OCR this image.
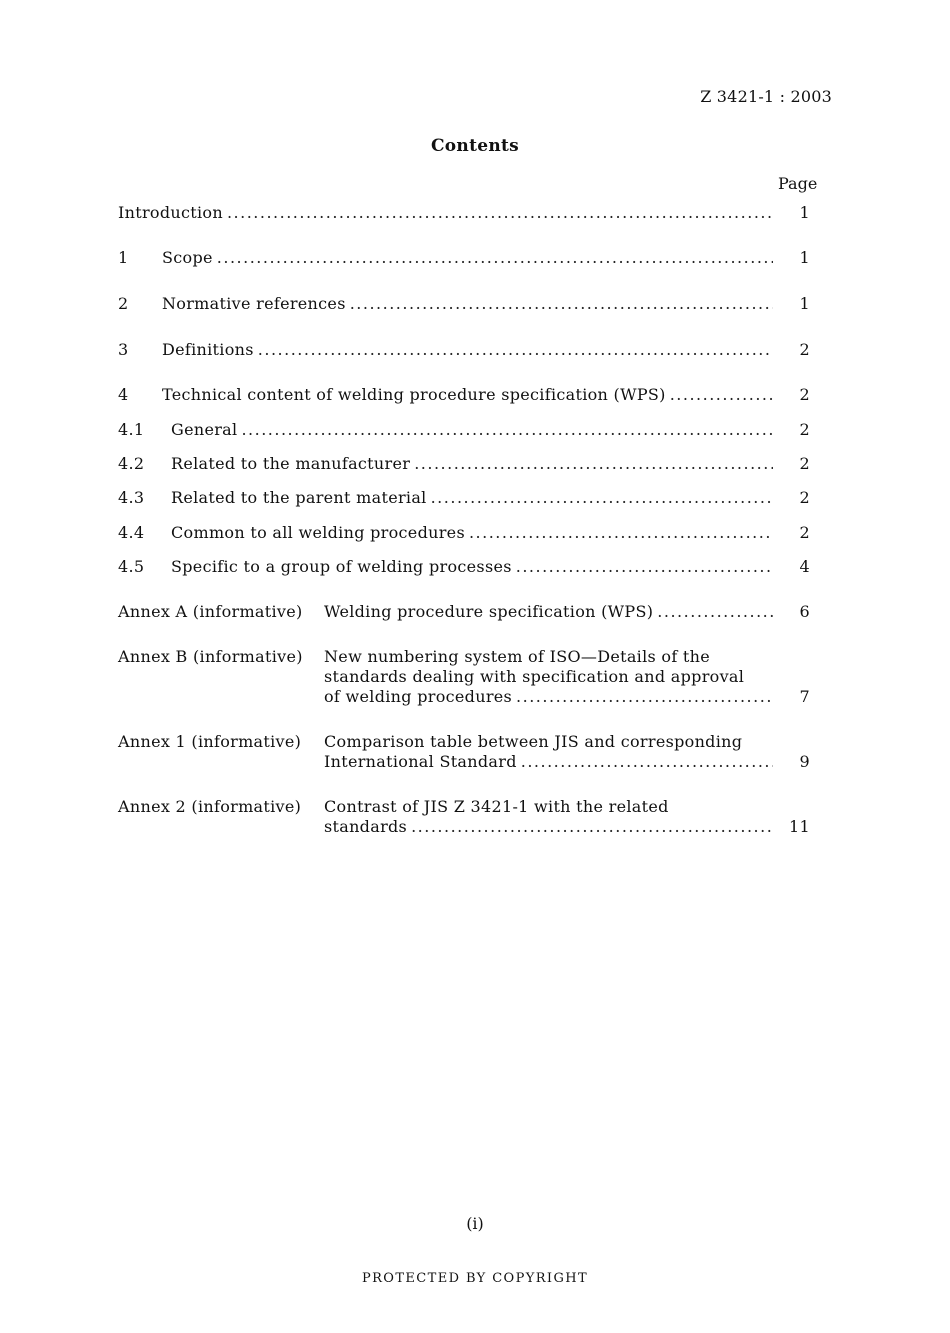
Z 3421-1 : 2003
Contents
Page
Introduction .....	1
1 Scope .....	1
2 Normative references .....	1
3 Definitions .....	2
4 Technical content of welding procedure specification (WPS) .....	2
4.1 General .....	2
4.2 Related to the manufacturer .....	2
4.3 Related to the parent material .....	2
4.4 Common to all welding procedures .....	2
4.5 Specific to a group of welding processes .....	4
Annex A (informative) Welding procedure specification (WPS) .....	6
Annex B (informative) New numbering system of ISO—Details of the
standards dealing with specification and approval
of welding procedures .....	7
Annex 1 (informative) Comparison table between JIS and corresponding
International Standard .....	9
Annex 2 (informative) Contrast of JIS Z 3421-1 with the related
standards .....	11
(i)
PROTECTED BY COPYRIGHT
